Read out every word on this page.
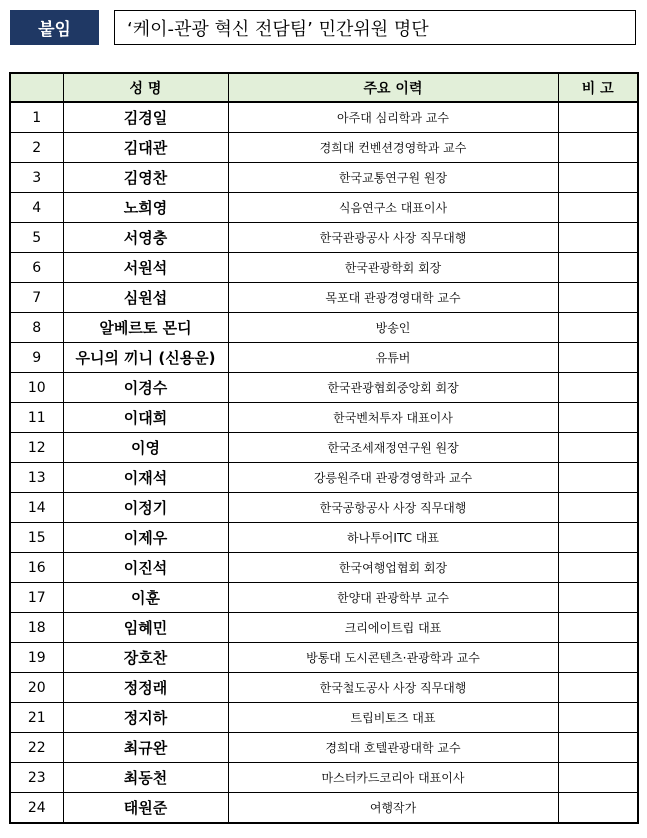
붙임	‘케이-관광 혁신 전담팀’ 민간위원 명단
	성 명	주요 이력	비 고
1	김경일	아주대 심리학과 교수	
2	김대관	경희대 컨벤션경영학과 교수	
3	김영찬	한국교통연구원 원장	
4	노희영	식음연구소 대표이사	
5	서영충	한국관광공사 사장 직무대행	
6	서원석	한국관광학회 회장	
7	심원섭	목포대 관광경영대학 교수	
8	알베르토 몬디	방송인	
9	우니의 끼니 (신용운)	유튜버	
10	이경수	한국관광협회중앙회 회장	
11	이대희	한국벤처투자 대표이사	
12	이영	한국조세재정연구원 원장	
13	이재석	강릉원주대 관광경영학과 교수	
14	이정기	한국공항공사 사장 직무대행	
15	이제우	하나투어ITC 대표	
16	이진석	한국여행업협회 회장	
17	이훈	한양대 관광학부 교수	
18	임혜민	크리에이트립 대표	
19	장호찬	방통대 도시콘텐츠·관광학과 교수	
20	정정래	한국철도공사 사장 직무대행	
21	정지하	트립비토즈 대표	
22	최규완	경희대 호텔관광대학 교수	
23	최동천	마스터카드코리아 대표이사	
24	태원준	여행작가	
